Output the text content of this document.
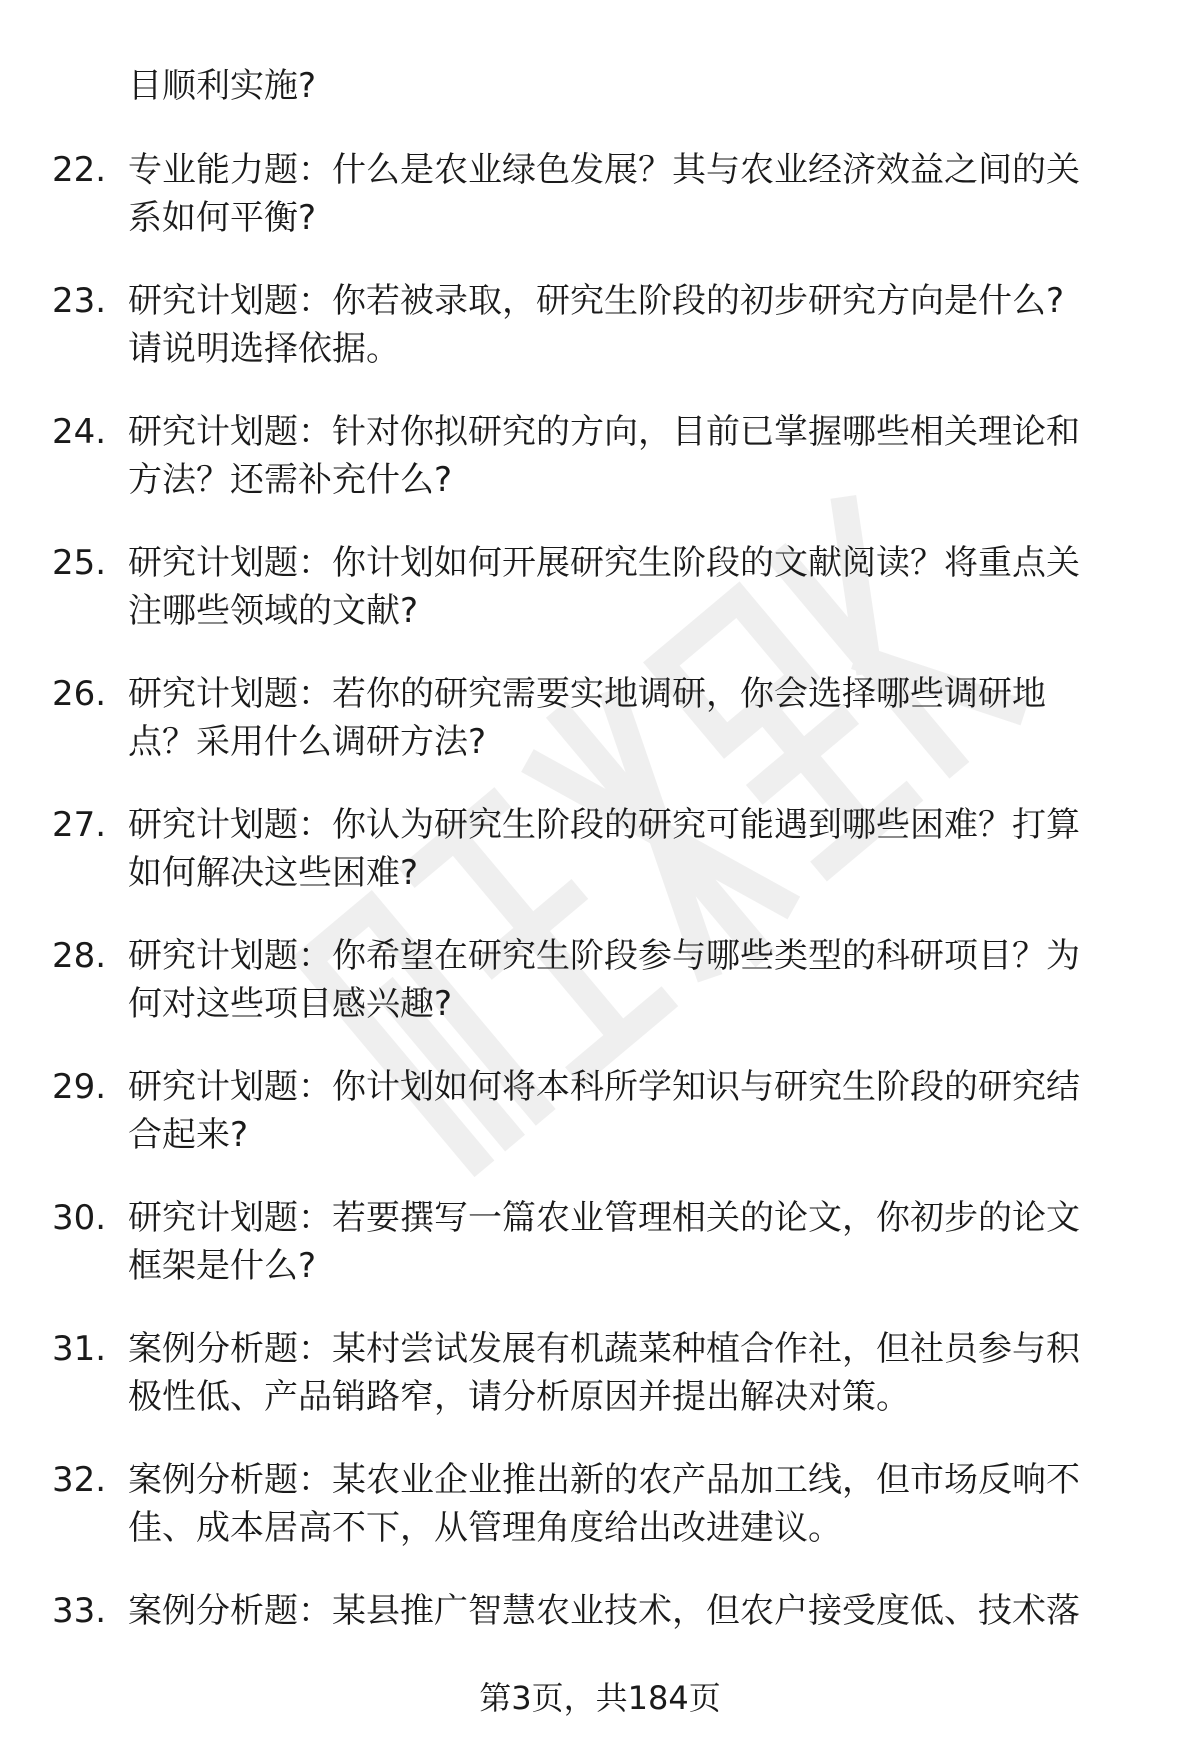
目顺利实施?
22. 专业能力题：什么是农业绿色发展？其与农业经济效益之间的关
系如何平衡?
23. 研究计划题：你若被录取，研究生阶段的初步研究方向是什么?
请说明选择依据。
24. 研究计划题：针对你拟研究的方向，目前已掌握哪些相关理论和
方法？还需补充什么?
25. 研究计划题：你计划如何开展研究生阶段的文献阅读？将重点关
注哪些领域的文献?
26. 研究计划题：若你的研究需要实地调研，你会选择哪些调研地
点？采用什么调研方法?
27. 研究计划题：你认为研究生阶段的研究可能遇到哪些困难？打算
如何解决这些困难?
28. 研究计划题：你希望在研究生阶段参与哪些类型的科研项目？为
何对这些项目感兴趣?
29. 研究计划题：你计划如何将本科所学知识与研究生阶段的研究结
合起来?
30. 研究计划题：若要撰写一篇农业管理相关的论文，你初步的论文
框架是什么?
31. 案例分析题：某村尝试发展有机蔬菜种植合作社，但社员参与积
极性低、产品销路窄，请分析原因并提出解决对策。
32. 案例分析题：某农业企业推出新的农产品加工线，但市场反响不
佳、成本居高不下，从管理角度给出改进建议。
33. 案例分析题：某县推广智慧农业技术，但农户接受度低、技术落
第3页，共184页
